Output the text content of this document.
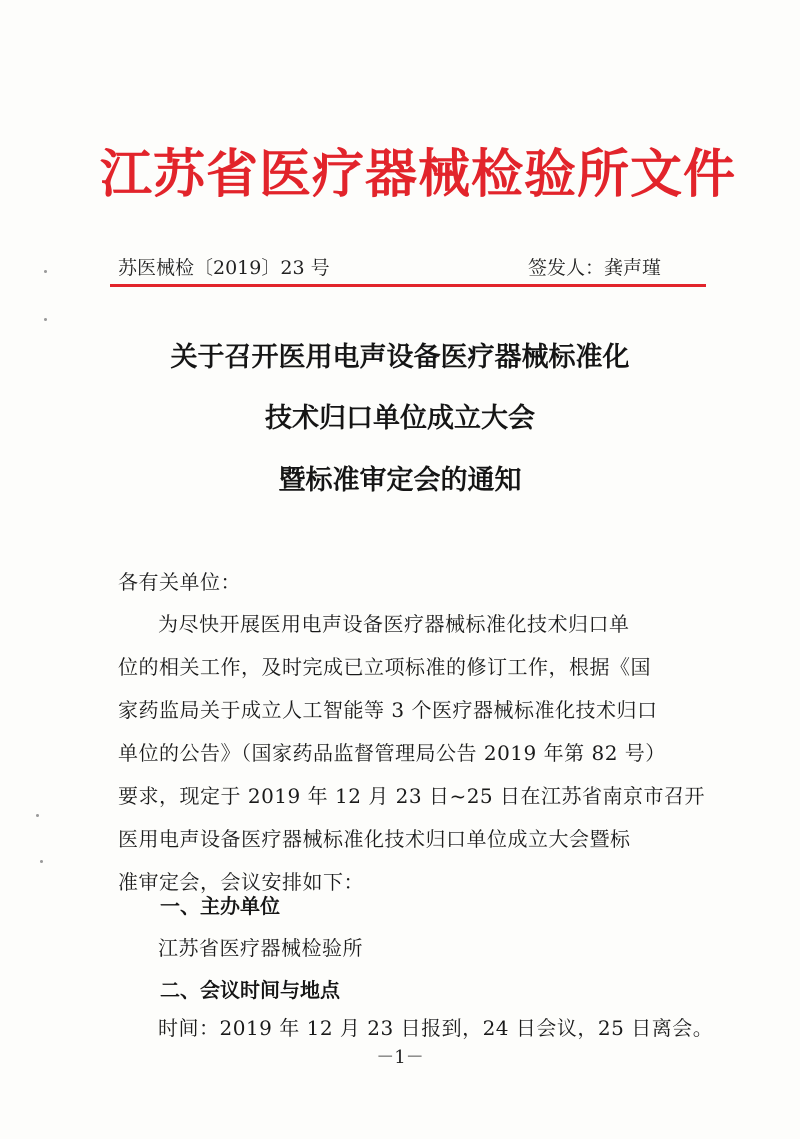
江苏省医疗器械检验所文件
苏医械检〔2019〕23 号	签发人：龚声瑾
关于召开医用电声设备医疗器械标准化
技术归口单位成立大会
暨标准审定会的通知
各有关单位：
为尽快开展医用电声设备医疗器械标准化技术归口单
位的相关工作，及时完成已立项标准的修订工作，根据《国
家药监局关于成立人工智能等 3 个医疗器械标准化技术归口
单位的公告》（国家药品监督管理局公告 2019 年第 82 号）
要求，现定于 2019 年 12 月 23 日~25 日在江苏省南京市召开
医用电声设备医疗器械标准化技术归口单位成立大会暨标
准审定会，会议安排如下：
一、主办单位
江苏省医疗器械检验所
二、会议时间与地点
时间：2019 年 12 月 23 日报到，24 日会议，25 日离会。
－1－
